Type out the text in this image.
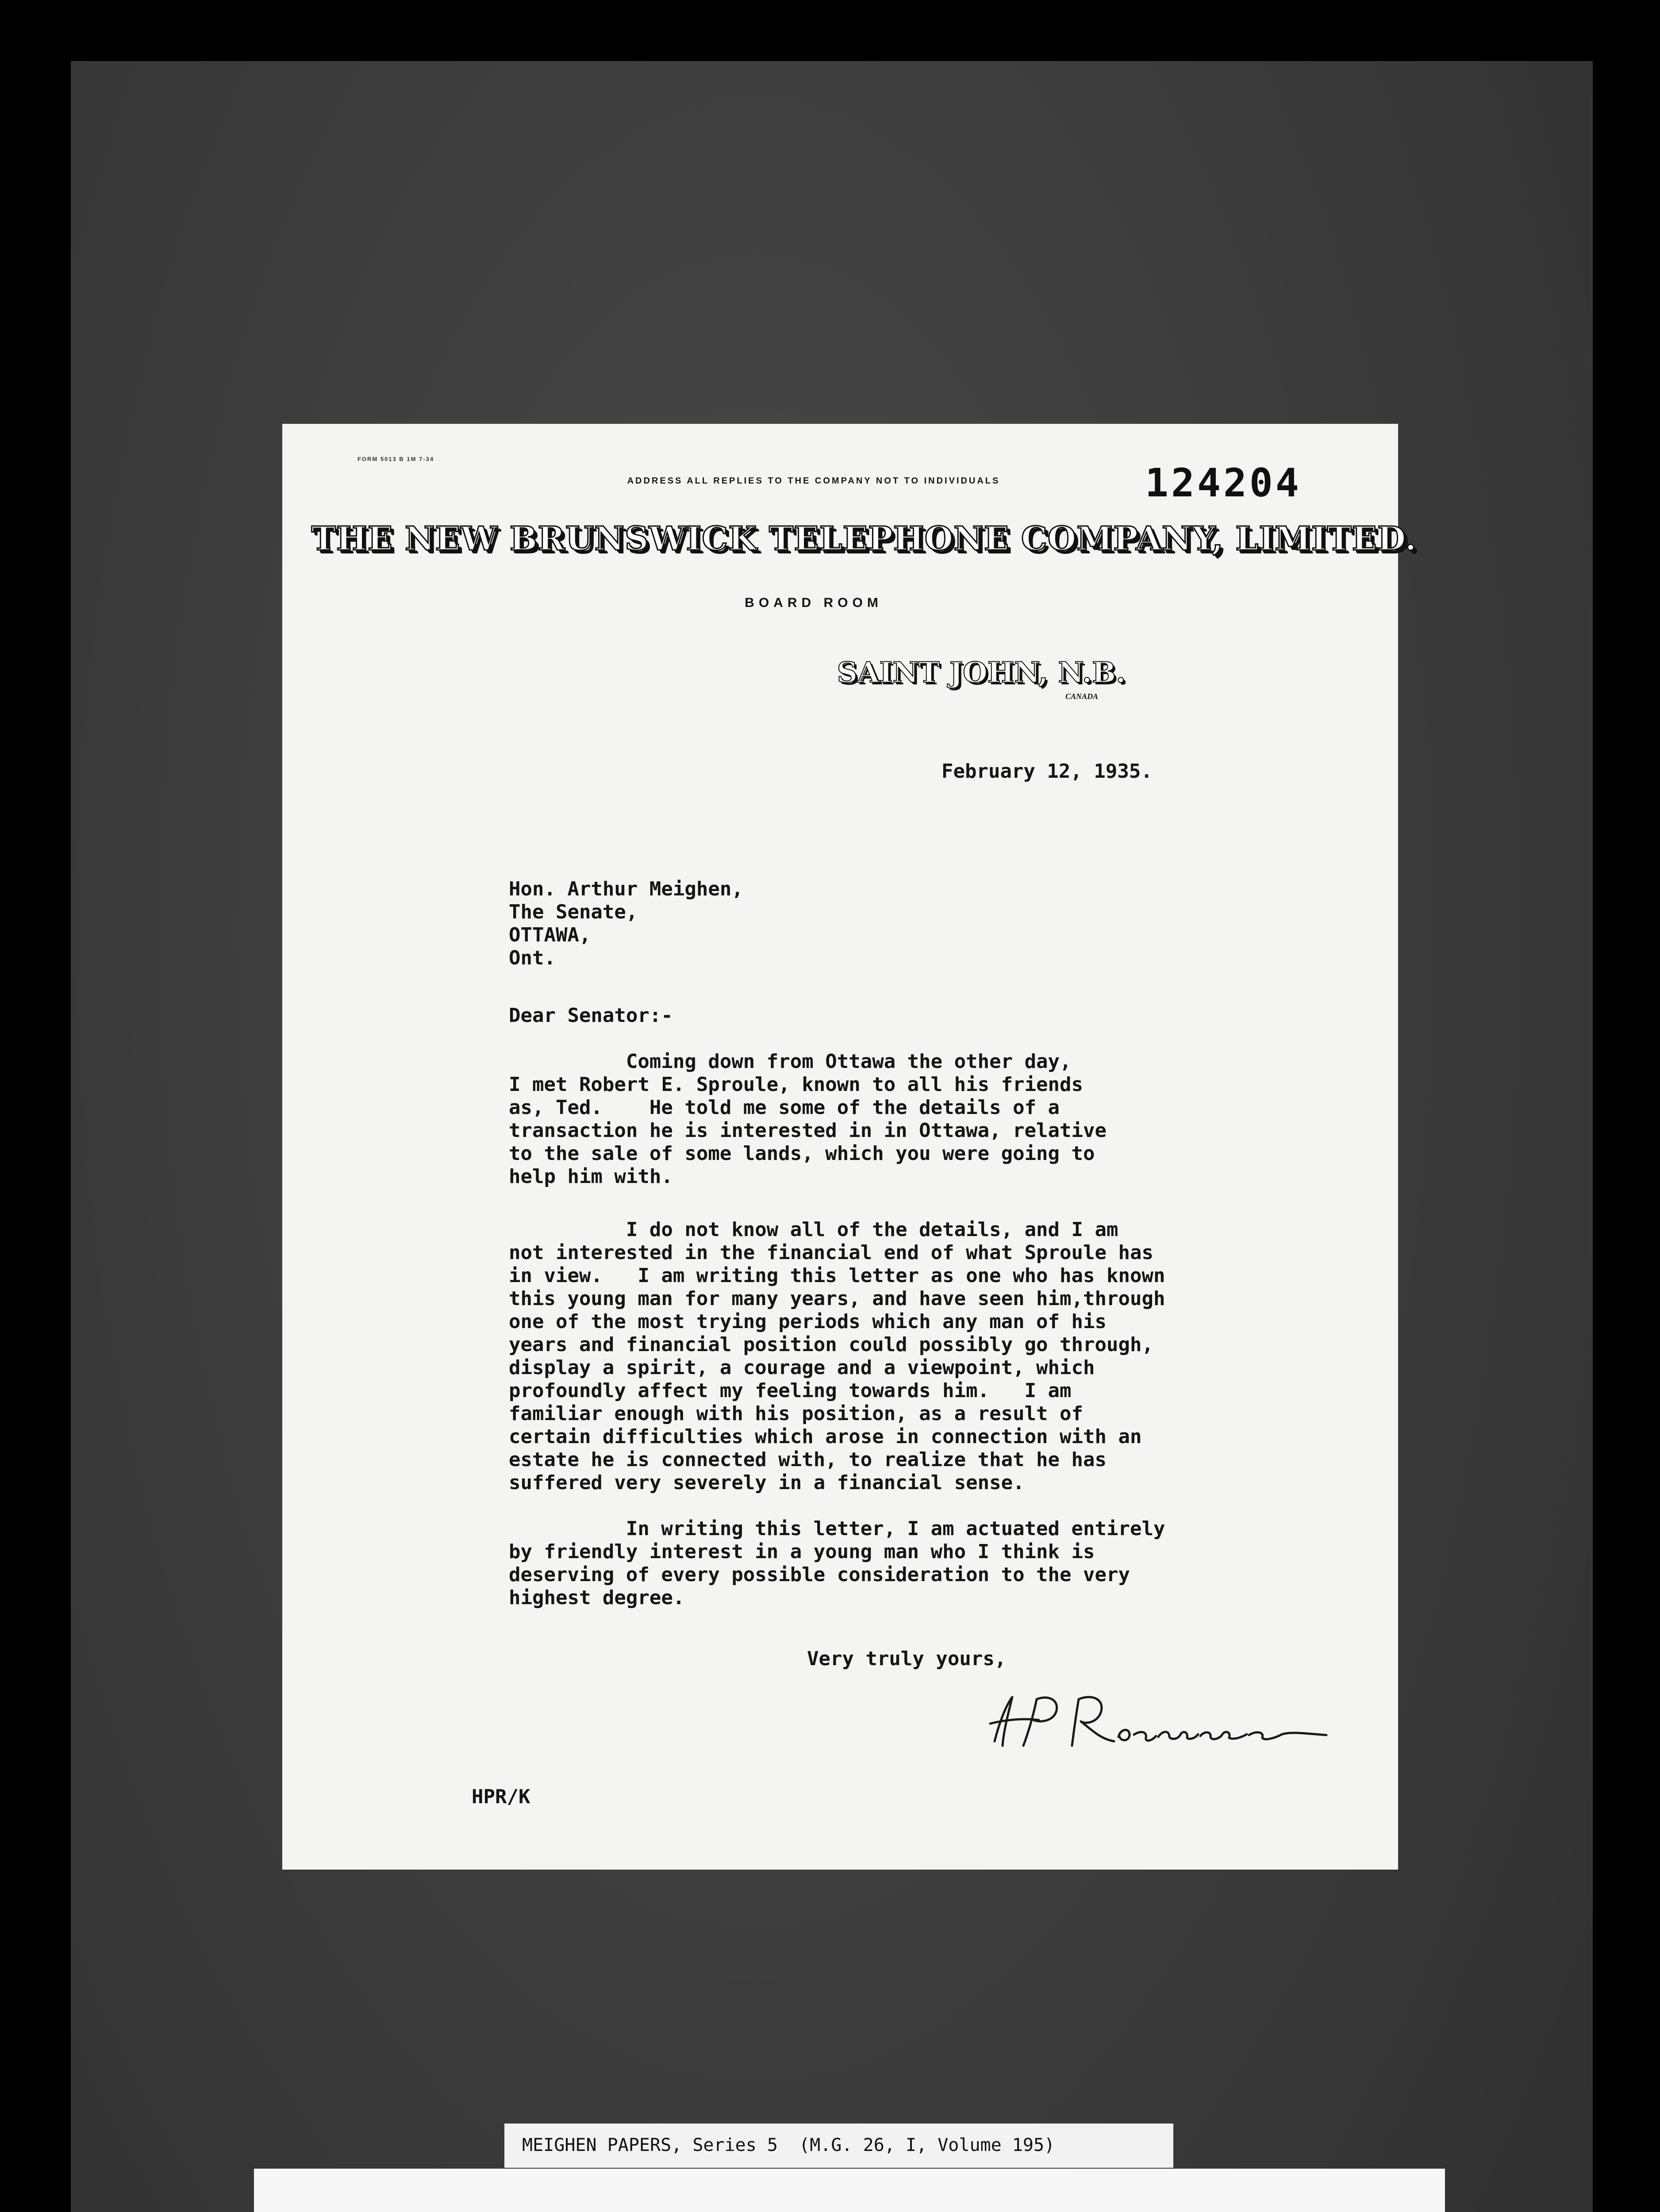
FORM 5013 B 1M 7-34
ADDRESS ALL REPLIES TO THE COMPANY NOT TO INDIVIDUALS	124204
THE NEW BRUNSWICK TELEPHONE COMPANY, LIMITED.
BOARD ROOM
SAINT JOHN, N.B.
CANADA
February 12, 1935.
Hon. Arthur Meighen,
The Senate,
OTTAWA,
Ont.
Dear Senator:-
Coming down from Ottawa the other day,
I met Robert E. Sproule, known to all his friends
as, Ted.    He told me some of the details of a
transaction he is interested in in Ottawa, relative
to the sale of some lands, which you were going to
help him with.
I do not know all of the details, and I am
not interested in the financial end of what Sproule has
in view.   I am writing this letter as one who has known
this young man for many years, and have seen him,through
one of the most trying periods which any man of his
years and financial position could possibly go through,
display a spirit, a courage and a viewpoint, which
profoundly affect my feeling towards him.   I am
familiar enough with his position, as a result of
certain difficulties which arose in connection with an
estate he is connected with, to realize that he has
suffered very severely in a financial sense.
In writing this letter, I am actuated entirely
by friendly interest in a young man who I think is
deserving of every possible consideration to the very
highest degree.
Very truly yours,
HPR/K
MEIGHEN PAPERS, Series 5  (M.G. 26, I, Volume 195)
